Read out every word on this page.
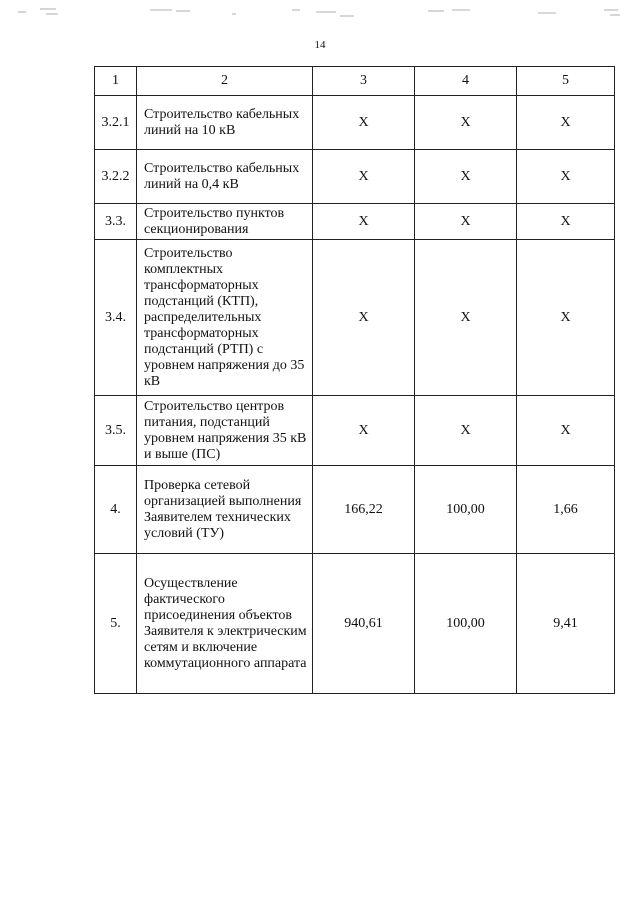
14
1	2	3	4	5
3.2.1	Строительство кабельных линий на 10 кВ	X	X	X
3.2.2	Строительство кабельных линий на 0,4 кВ	X	X	X
3.3.	Строительство пунктов секционирования	X	X	X
3.4.	Строительство комплектных трансформаторных подстанций (КТП), распределительных трансформаторных подстанций (РТП) с уровнем напряжения до 35 кВ	X	X	X
3.5.	Строительство центров питания, подстанций уровнем напряжения 35 кВ и выше (ПС)	X	X	X
4.	Проверка сетевой организацией выполнения Заявителем технических условий (ТУ)	166,22	100,00	1,66
5.	Осуществление фактического присоединения объектов Заявителя к электрическим сетям и включение коммутационного аппарата	940,61	100,00	9,41
